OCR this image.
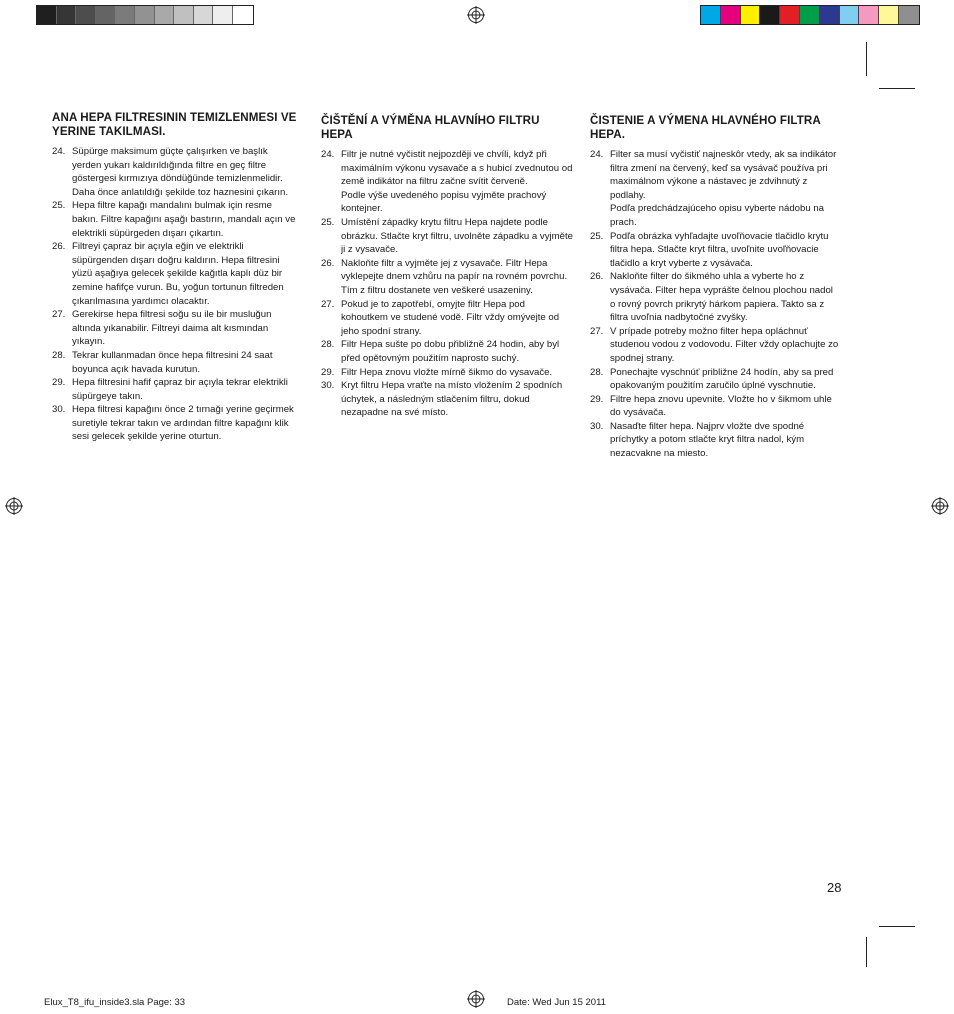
ANA HEPA FILTRESININ TEMIZLENMESI VE YERINE TAKILMASI.
24. Süpürge maksimum güçte çalışırken ve başlık yerden yukarı kaldırıldığında filtre en geç filtre göstergesi kırmızıya döndüğünde temizlenmelidir.
Daha önce anlatıldığı şekilde toz haznesini çıkarın.
25. Hepa filtre kapağı mandalını bulmak için resme bakın. Filtre kapağını aşağı bastırın, mandalı açın ve elektrikli süpürgeden dışarı çıkartın.
26. Filtreyi çapraz bir açıyla eğin ve elektrikli süpürgenden dışarı doğru kaldırın. Hepa filtresini yüzü aşağıya gelecek şekilde kağıtla kaplı düz bir zemine hafifçe vurun. Bu, yoğun tortunun filtreden çıkarılmasına yardımcı olacaktır.
27. Gerekirse hepa filtresi soğu su ile bir musluğun altında yıkanabilir. Filtreyi daima alt kısmından yıkayın.
28. Tekrar kullanmadan önce hepa filtresini 24 saat boyunca açık havada kurutun.
29. Hepa filtresini hafif çapraz bir açıyla tekrar elektrikli süpürgeye takın.
30. Hepa filtresi kapağını önce 2 tırnağı yerine geçirmek suretiyle tekrar takın ve ardından filtre kapağını klik sesi gelecek şekilde yerine oturtun.
ČIŠTĚNÍ A VÝMĚNA HLAVNÍHO FILTRU HEPA
24. Filtr je nutné vyčistit nejpozději ve chvíli, když při maximálním výkonu vysavače a s hubicí zvednutou od země indikátor na filtru začne svítit červeně.
Podle výše uvedeného popisu vyjměte prachový kontejner.
25. Umístění západky krytu filtru Hepa najdete podle obrázku. Stlačte kryt filtru, uvolněte západku a vyjměte ji z vysavače.
26. Nakloňte filtr a vyjměte jej z vysavače. Filtr Hepa vyklepejte dnem vzhůru na papír na rovném povrchu. Tím z filtru dostanete ven veškeré usazeniny.
27. Pokud je to zapotřebí, omyjte filtr Hepa pod kohoutkem ve studené vodě. Filtr vždy omývejte od jeho spodní strany.
28. Filtr Hepa sušte po dobu přibližně 24 hodin, aby byl před opětovným použitím naprosto suchý.
29. Filtr Hepa znovu vložte mírně šikmo do vysavače.
30. Kryt filtru Hepa vraťte na místo vložením 2 spodních úchytek, a následným stlačením filtru, dokud nezapadne na své místo.
ČISTENIE A VÝMENA HLAVNÉHO FILTRA HEPA.
24. Filter sa musí vyčistiť najneskôr vtedy, ak sa indikátor filtra zmení na červený, keď sa vysávač používa pri maximálnom výkone a nástavec je zdvihnutý z podlahy.
Podľa predchádzajúceho opisu vyberte nádobu na prach.
25. Podľa obrázka vyhľadajte uvoľňovacie tlačidlo krytu filtra hepa. Stlačte kryt filtra, uvoľnite uvoľňovacie tlačidlo a kryt vyberte z vysávača.
26. Nakloňte filter do šikmého uhla a vyberte ho z vysávača. Filter hepa vyprášte čelnou plochou nadol o rovný povrch prikrytý hárkom papiera. Takto sa z filtra uvoľnia nadbytočné zvyšky.
27. V prípade potreby možno filter hepa opláchnuť studenou vodou z vodovodu. Filter vždy oplachujte zo spodnej strany.
28. Ponechajte vyschnúť približne 24 hodín, aby sa pred opakovaným použitím zaručilo úplné vyschnutie.
29. Filtre hepa znovu upevnite. Vložte ho v šikmom uhle do vysávača.
30. Nasaďte filter hepa. Najprv vložte dve spodné príchytky a potom stlačte kryt filtra nadol, kým nezacvakne na miesto.
28
Elux_T8_ifu_inside3.sla Page: 33	Date: Wed Jun 15 2011
